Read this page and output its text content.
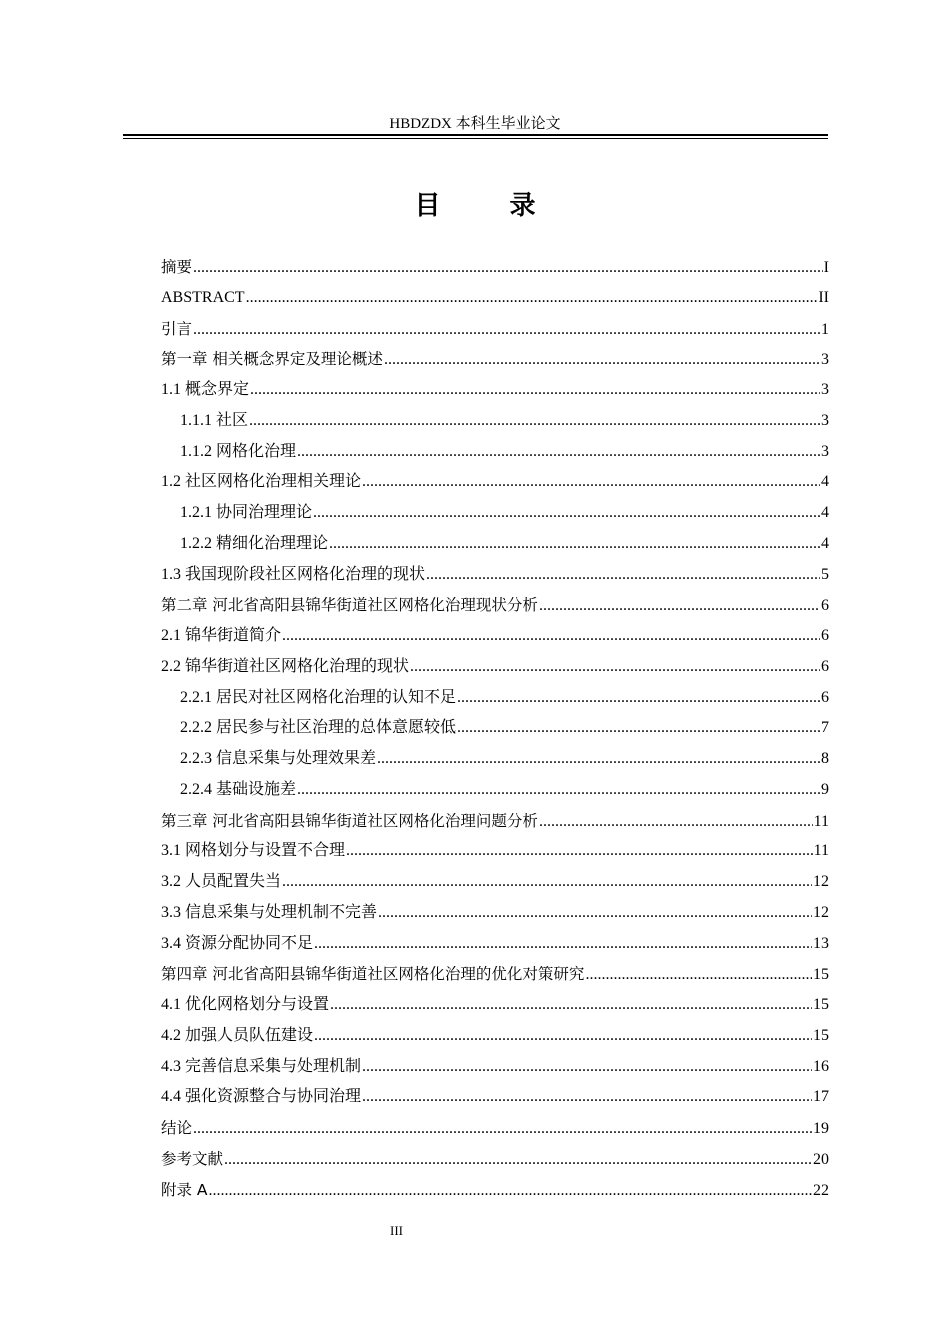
HBDZDX 本科生毕业论文
目 录
摘要 .....	I
ABSTRACT .....	II
引言 .....	1
第一章 相关概念界定及理论概述 .....	3
1.1 概念界定 .....	3
1.1.1 社区 .....	3
1.1.2 网格化治理 .....	3
1.2 社区网格化治理相关理论 .....	4
1.2.1 协同治理理论 .....	4
1.2.2 精细化治理理论 .....	4
1.3 我国现阶段社区网格化治理的现状 .....	5
第二章 河北省高阳县锦华街道社区网格化治理现状分析 .....	6
2.1 锦华街道简介 .....	6
2.2 锦华街道社区网格化治理的现状 .....	6
2.2.1 居民对社区网格化治理的认知不足 .....	6
2.2.2 居民参与社区治理的总体意愿较低 .....	7
2.2.3 信息采集与处理效果差 .....	8
2.2.4 基础设施差 .....	9
第三章 河北省高阳县锦华街道社区网格化治理问题分析 .....	11
3.1 网格划分与设置不合理 .....	11
3.2 人员配置失当 .....	12
3.3 信息采集与处理机制不完善 .....	12
3.4 资源分配协同不足 .....	13
第四章 河北省高阳县锦华街道社区网格化治理的优化对策研究 .....	15
4.1 优化网格划分与设置 .....	15
4.2 加强人员队伍建设 .....	15
4.3 完善信息采集与处理机制 .....	16
4.4 强化资源整合与协同治理 .....	17
结论 .....	19
参考文献 .....	20
附录 A .....	22
III
